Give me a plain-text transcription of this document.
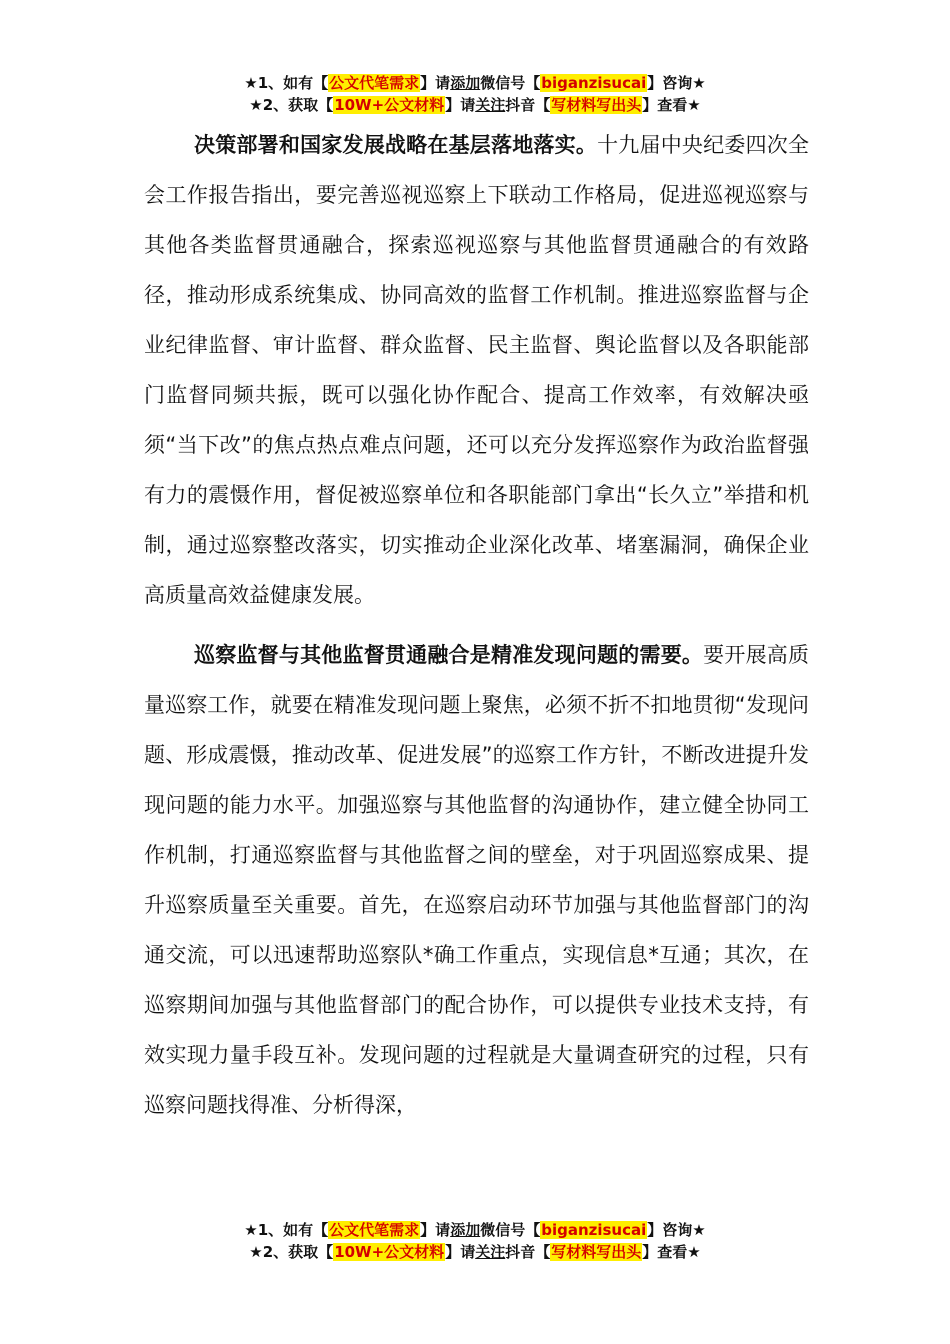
★1、如有【公文代笔需求】请添加微信号【biganzisucai】咨询★
★2、获取【10W+公文材料】请关注抖音【写材料写出头】查看★

决策部署和国家发展战略在基层落地落实。十九届中央纪委四次全会工作报告指出，要完善巡视巡察上下联动工作格局，促进巡视巡察与其他各类监督贯通融合，探索巡视巡察与其他监督贯通融合的有效路径，推动形成系统集成、协同高效的监督工作机制。推进巡察监督与企业纪律监督、审计监督、群众监督、民主监督、舆论监督以及各职能部门监督同频共振，既可以强化协作配合、提高工作效率，有效解决亟须“当下改”的焦点热点难点问题，还可以充分发挥巡察作为政治监督强有力的震慑作用，督促被巡察单位和各职能部门拿出“长久立”举措和机制，通过巡察整改落实，切实推动企业深化改革、堵塞漏洞，确保企业高质量高效益健康发展。

巡察监督与其他监督贯通融合是精准发现问题的需要。要开展高质量巡察工作，就要在精准发现问题上聚焦，必须不折不扣地贯彻“发现问题、形成震慑，推动改革、促进发展”的巡察工作方针，不断改进提升发现问题的能力水平。加强巡察与其他监督的沟通协作，建立健全协同工作机制，打通巡察监督与其他监督之间的壁垒，对于巩固巡察成果、提升巡察质量至关重要。首先，在巡察启动环节加强与其他监督部门的沟通交流，可以迅速帮助巡察队*确工作重点，实现信息*互通；其次，在巡察期间加强与其他监督部门的配合协作，可以提供专业技术支持，有效实现力量手段互补。发现问题的过程就是大量调查研究的过程，只有巡察问题找得准、分析得深，

★1、如有【公文代笔需求】请添加微信号【biganzisucai】咨询★
★2、获取【10W+公文材料】请关注抖音【写材料写出头】查看★
